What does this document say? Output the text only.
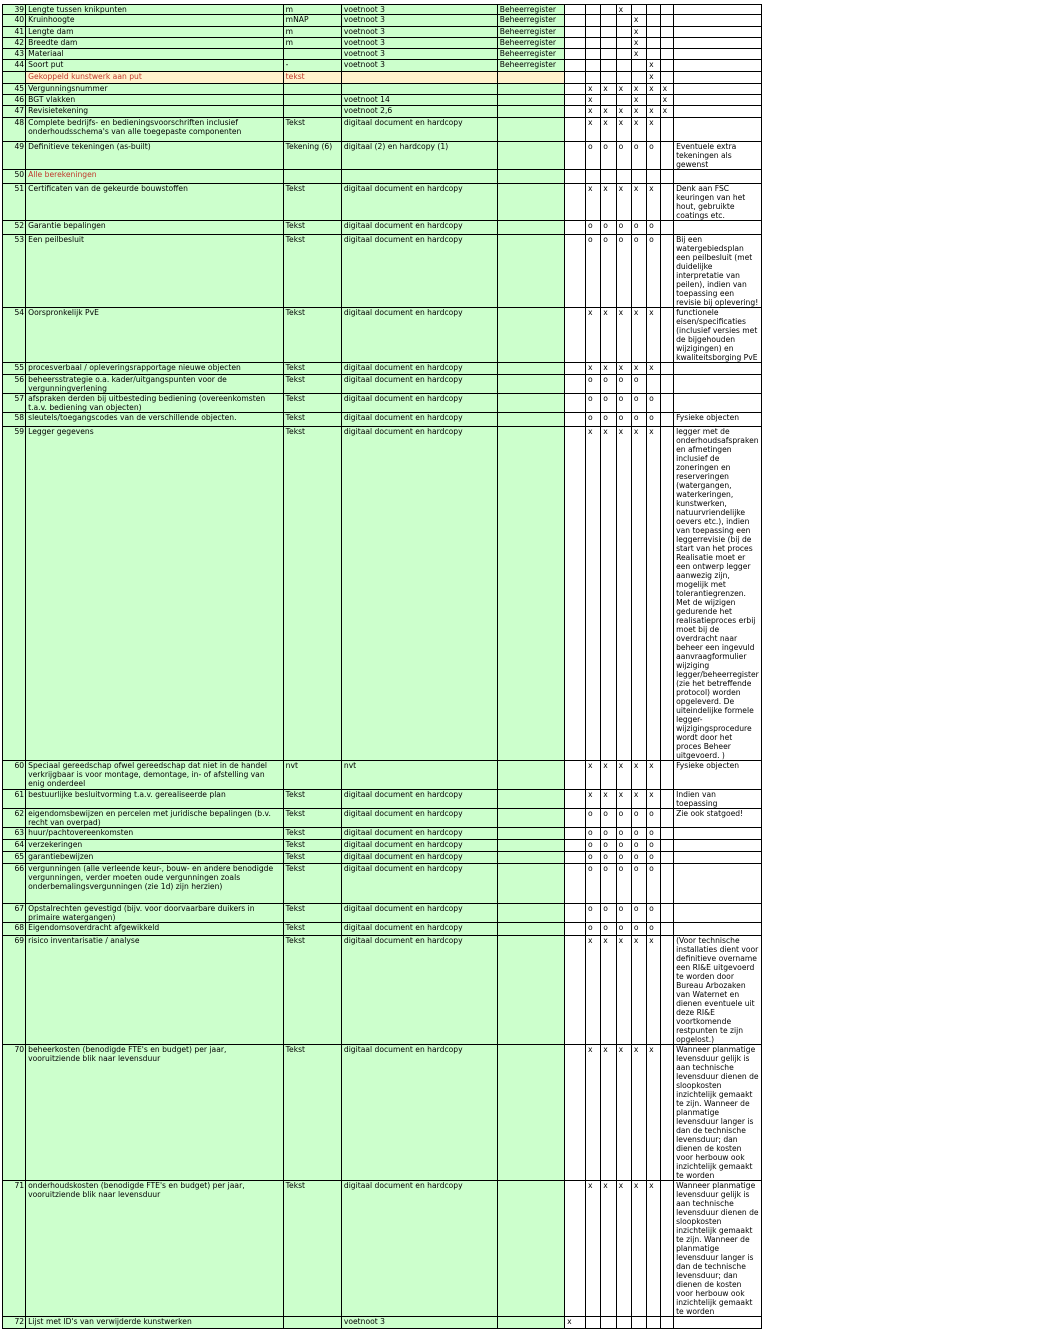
39	Lengte tussen knikpunten	m	voetnoot 3	Beheerregister				x				
40	Kruinhoogte	mNAP	voetnoot 3	Beheerregister					x			
41	Lengte dam	m	voetnoot 3	Beheerregister					x			
42	Breedte dam	m	voetnoot 3	Beheerregister					x			
43	Materiaal		voetnoot 3	Beheerregister					x			
44	Soort put	-	voetnoot 3	Beheerregister						x		
	Gekoppeld kunstwerk aan put	tekst								x		
45	Vergunningsnummer					x	x	x	x	x	x	
46	BGT vlakken		voetnoot 14			x			x		x	
47	Revisietekening		voetnoot 2,6			x	x	x	x	x	x	
48	Complete bedrijfs- en bedieningsvoorschriften inclusief onderhoudsschema's van alle toegepaste componenten	Tekst	digitaal document en hardcopy			x	x	x	x	x		
49	Definitieve tekeningen (as-built)	Tekening (6)	digitaal (2) en hardcopy (1)			o	o	o	o	o		Eventuele extra tekeningen als gewenst
50	Alle berekeningen											
51	Certificaten van de gekeurde bouwstoffen	Tekst	digitaal document en hardcopy			x	x	x	x	x		Denk aan FSC keuringen van het hout, gebruikte coatings etc.
52	Garantie bepalingen	Tekst	digitaal document en hardcopy			o	o	o	o	o		
53	Een peilbesluit	Tekst	digitaal document en hardcopy			o	o	o	o	o		Bij een watergebiedsplan een peilbesluit (met duidelijke interpretatie van peilen), indien van toepassing een revisie bij oplevering!
54	Oorspronkelijk PvE	Tekst	digitaal document en hardcopy			x	x	x	x	x		functionele eisen/specificaties (inclusief versies met de bijgehouden wijzigingen) en kwaliteitsborging PvE
55	procesverbaal / opleveringsrapportage nieuwe objecten	Tekst	digitaal document en hardcopy			x	x	x	x	x		
56	beheersstrategie o.a. kader/uitgangspunten voor de vergunningverlening	Tekst	digitaal document en hardcopy			o	o	o	o			
57	afspraken derden bij uitbesteding bediening (overeenkomsten t.a.v. bediening van objecten)	Tekst	digitaal document en hardcopy			o	o	o	o	o		
58	sleutels/toegangscodes van de verschillende objecten.	Tekst	digitaal document en hardcopy			o	o	o	o	o		Fysieke objecten
59	Legger gegevens	Tekst	digitaal document en hardcopy			x	x	x	x	x		legger met de onderhoudsafspraken en afmetingen inclusief de zoneringen en reserveringen (watergangen, waterkeringen, kunstwerken, natuurvriendelijke oevers etc.), indien van toepassing een leggerrevisie (bij de start van het proces Realisatie moet er een ontwerp legger aanwezig zijn, mogelijk met tolerantiegrenzen. Met de wijzigen gedurende het realisatieproces erbij moet bij de overdracht naar beheer een ingevuld aanvraagformulier wijziging legger/beheerregister (zie het betreffende protocol) worden opgeleverd. De uiteindelijke formele legger-wijzigingsprocedure wordt door het proces Beheer uitgevoerd. )
60	Speciaal gereedschap ofwel gereedschap dat niet in de handel verkrijgbaar is voor montage, demontage, in- of afstelling van enig onderdeel	nvt	nvt			x	x	x	x	x		Fysieke objecten
61	bestuurlijke besluitvorming t.a.v. gerealiseerde plan	Tekst	digitaal document en hardcopy			x	x	x	x	x		Indien van toepassing
62	eigendomsbewijzen en percelen met juridische bepalingen (b.v. recht van overpad)	Tekst	digitaal document en hardcopy			o	o	o	o	o		Zie ook statgoed!
63	huur/pachtovereenkomsten	Tekst	digitaal document en hardcopy			o	o	o	o	o		
64	verzekeringen	Tekst	digitaal document en hardcopy			o	o	o	o	o		
65	garantiebewijzen	Tekst	digitaal document en hardcopy			o	o	o	o	o		
66	vergunningen (alle verleende keur-, bouw- en andere benodigde vergunningen, verder moeten oude vergunningen zoals onderbemalingsvergunningen (zie 1d) zijn herzien)	Tekst	digitaal document en hardcopy			o	o	o	o	o		
67	Opstalrechten gevestigd (bijv. voor doorvaarbare duikers in primaire watergangen)	Tekst	digitaal document en hardcopy			o	o	o	o	o		
68	Eigendomsoverdracht afgewikkeld	Tekst	digitaal document en hardcopy			o	o	o	o	o		
69	risico inventarisatie / analyse	Tekst	digitaal document en hardcopy			x	x	x	x	x		(Voor technische installaties dient voor definitieve overname een RI&E uitgevoerd te worden door Bureau Arbozaken van Waternet en dienen eventuele uit deze RI&E voortkomende restpunten te zijn opgelost.)
70	beheerkosten (benodigde FTE's en budget) per jaar, vooruitziende blik naar levensduur	Tekst	digitaal document en hardcopy			x	x	x	x	x		Wanneer planmatige levensduur gelijk is aan technische levensduur dienen de sloopkosten inzichtelijk gemaakt te zijn. Wanneer de planmatige levensduur langer is dan de technische levensduur; dan dienen de kosten voor herbouw ook inzichtelijk gemaakt te worden
71	onderhoudskosten (benodigde FTE's en budget) per jaar, vooruitziende blik naar levensduur	Tekst	digitaal document en hardcopy			x	x	x	x	x		Wanneer planmatige levensduur gelijk is aan technische levensduur dienen de sloopkosten inzichtelijk gemaakt te zijn. Wanneer de planmatige levensduur langer is dan de technische levensduur; dan dienen de kosten voor herbouw ook inzichtelijk gemaakt te worden
72	Lijst met ID's van verwijderde kunstwerken		voetnoot 3		x							
